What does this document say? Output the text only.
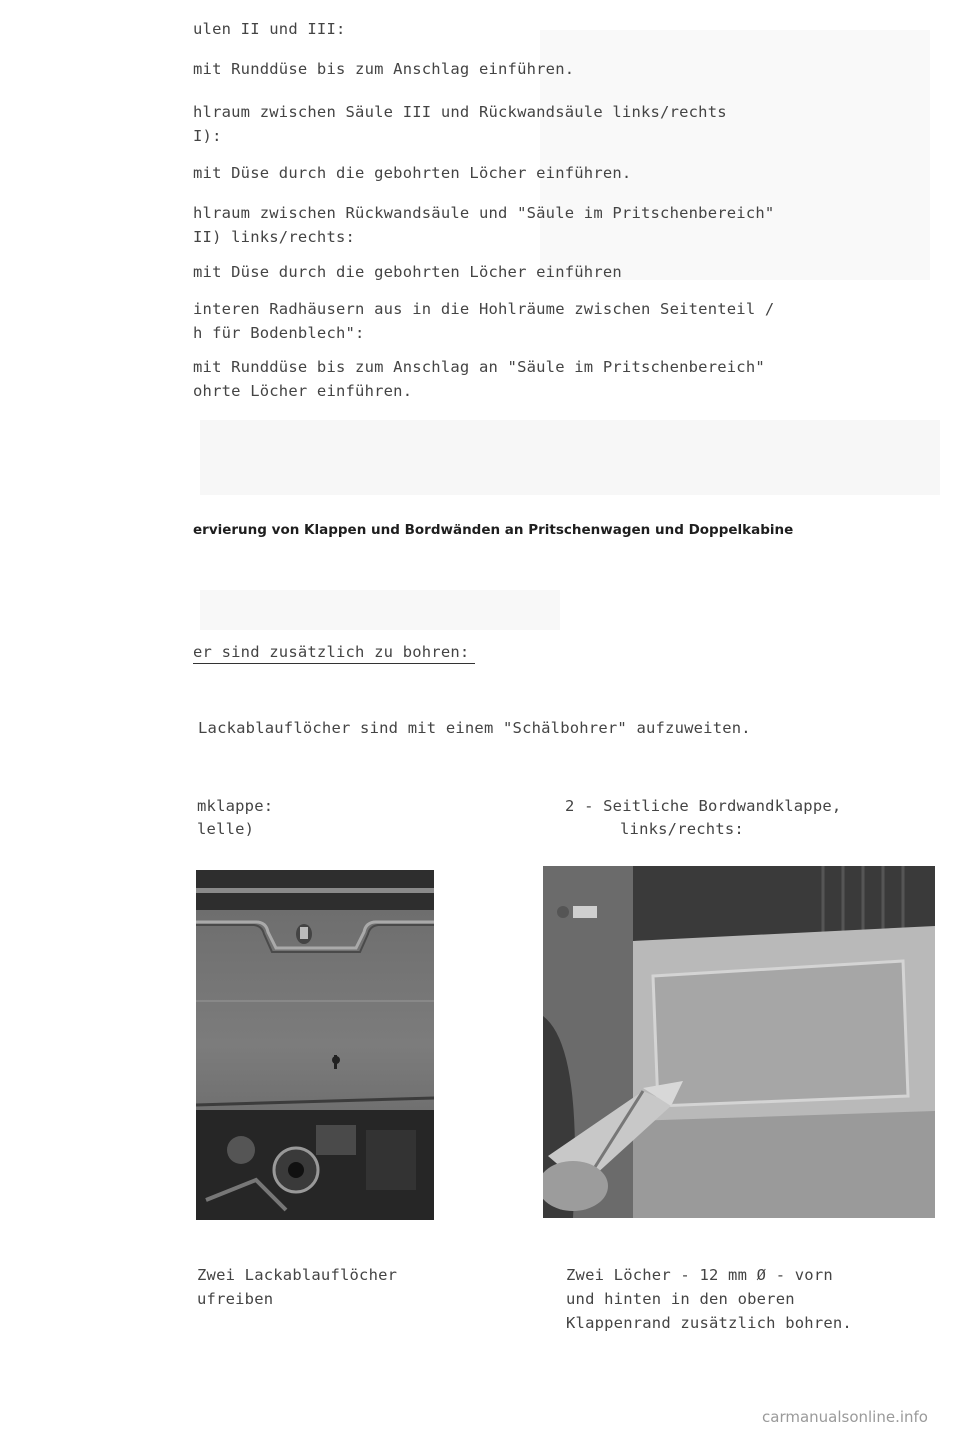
ulen II und III:
mit Runddüse bis zum Anschlag einführen.
hlraum zwischen Säule III und Rückwandsäule links/rechts
I):
mit Düse durch die gebohrten Löcher einführen.
hlraum zwischen Rückwandsäule und "Säule im Pritschenbereich"
II) links/rechts:
mit Düse durch die gebohrten Löcher einführen
interen Radhäusern aus in die Hohlräume zwischen Seitenteil /
h für Bodenblech":
mit Runddüse bis zum Anschlag an "Säule im Pritschenbereich"
ohrte Löcher einführen.
ervierung von Klappen und Bordwänden an Pritschenwagen und Doppelkabine
er sind zusätzlich zu bohren:
Lackablauflöcher sind mit einem "Schälbohrer" aufzuweiten.
mklappe:
lelle)
2 - Seitliche Bordwandklappe,
links/rechts:
Zwei Lackablauflöcher
ufreiben
Zwei Löcher - 12 mm Ø - vorn
und hinten in den oberen
Klappenrand zusätzlich bohren.
carmanualsonline.info
